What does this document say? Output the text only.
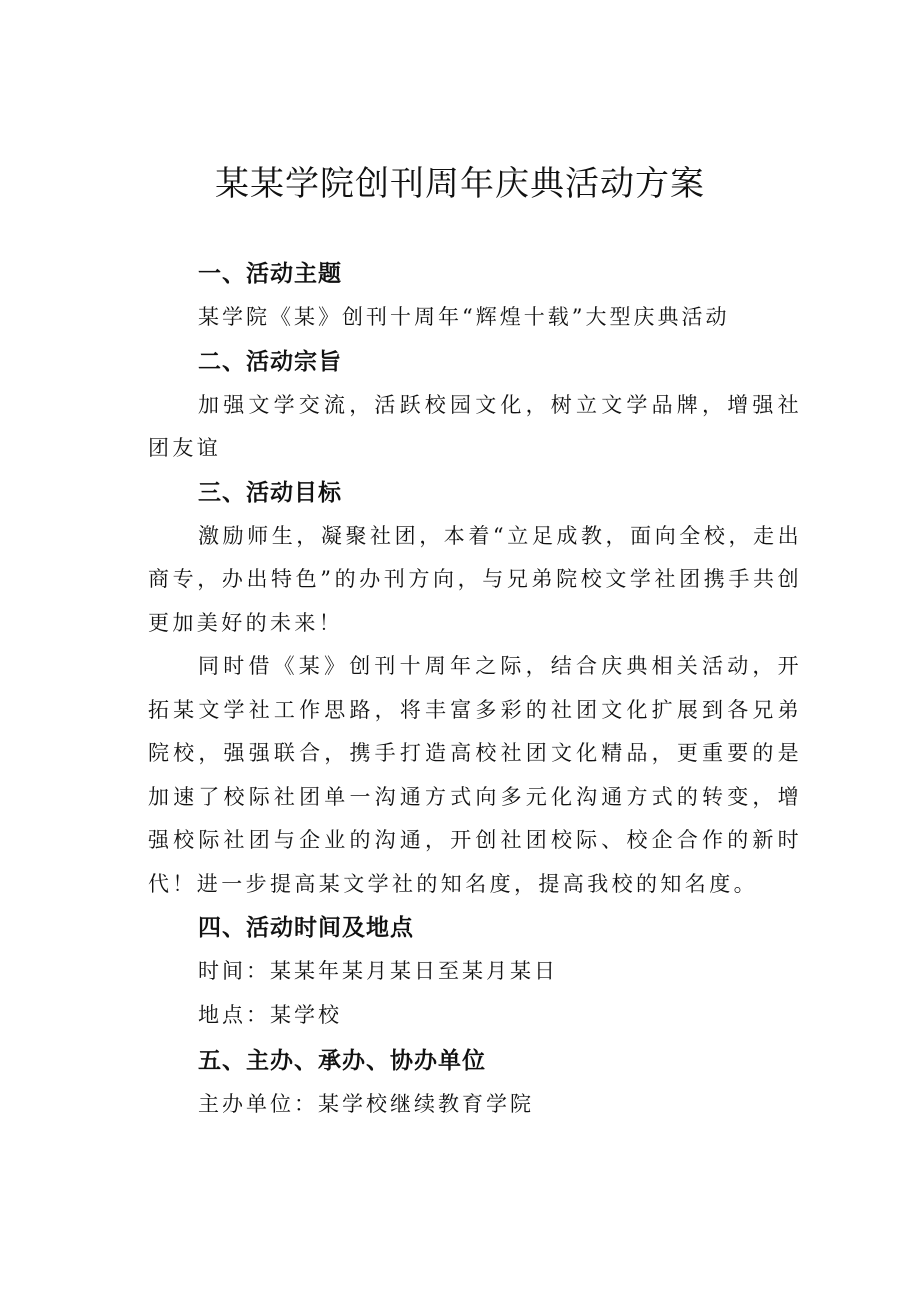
某某学院创刊周年庆典活动方案
一、活动主题
某学院《某》创刊十周年“辉煌十载”大型庆典活动
二、活动宗旨
加强文学交流，活跃校园文化，树立文学品牌，增强社团友谊
三、活动目标
激励师生，凝聚社团，本着“立足成教，面向全校，走出商专，办出特色”的办刊方向，与兄弟院校文学社团携手共创更加美好的未来！
同时借《某》创刊十周年之际，结合庆典相关活动，开拓某文学社工作思路，将丰富多彩的社团文化扩展到各兄弟院校，强强联合，携手打造高校社团文化精品，更重要的是加速了校际社团单一沟通方式向多元化沟通方式的转变，增强校际社团与企业的沟通，开创社团校际、校企合作的新时代！进一步提高某文学社的知名度，提高我校的知名度。
四、活动时间及地点
时间：某某年某月某日至某月某日
地点：某学校
五、主办、承办、协办单位
主办单位：某学校继续教育学院
